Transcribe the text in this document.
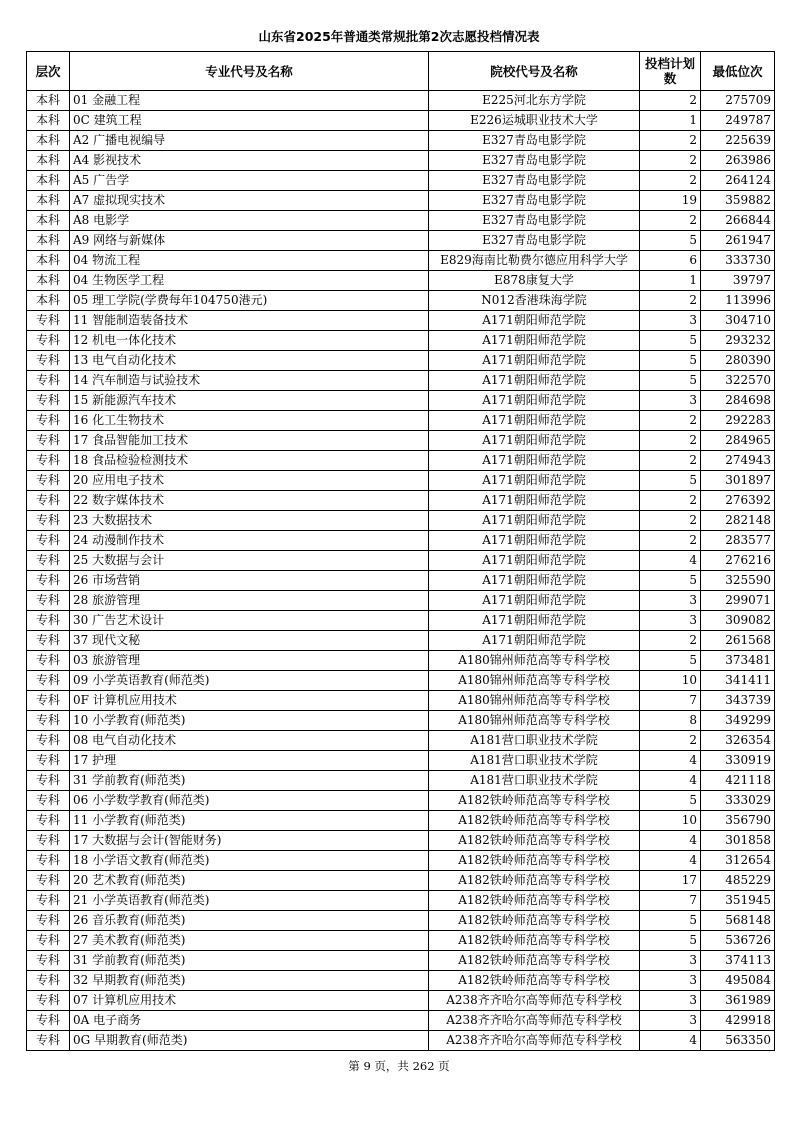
山东省2025年普通类常规批第2次志愿投档情况表
层次	专业代号及名称	院校代号及名称	投档计划数	最低位次
本科	01 金融工程	E225河北东方学院	2	275709
本科	0C 建筑工程	E226运城职业技术大学	1	249787
本科	A2 广播电视编导	E327青岛电影学院	2	225639
本科	A4 影视技术	E327青岛电影学院	2	263986
本科	A5 广告学	E327青岛电影学院	2	264124
本科	A7 虚拟现实技术	E327青岛电影学院	19	359882
本科	A8 电影学	E327青岛电影学院	2	266844
本科	A9 网络与新媒体	E327青岛电影学院	5	261947
本科	04 物流工程	E829海南比勒费尔德应用科学大学	6	333730
本科	04 生物医学工程	E878康复大学	1	39797
本科	05 理工学院(学费每年104750港元)	N012香港珠海学院	2	113996
专科	11 智能制造装备技术	A171朝阳师范学院	3	304710
专科	12 机电一体化技术	A171朝阳师范学院	5	293232
专科	13 电气自动化技术	A171朝阳师范学院	5	280390
专科	14 汽车制造与试验技术	A171朝阳师范学院	5	322570
专科	15 新能源汽车技术	A171朝阳师范学院	3	284698
专科	16 化工生物技术	A171朝阳师范学院	2	292283
专科	17 食品智能加工技术	A171朝阳师范学院	2	284965
专科	18 食品检验检测技术	A171朝阳师范学院	2	274943
专科	20 应用电子技术	A171朝阳师范学院	5	301897
专科	22 数字媒体技术	A171朝阳师范学院	2	276392
专科	23 大数据技术	A171朝阳师范学院	2	282148
专科	24 动漫制作技术	A171朝阳师范学院	2	283577
专科	25 大数据与会计	A171朝阳师范学院	4	276216
专科	26 市场营销	A171朝阳师范学院	5	325590
专科	28 旅游管理	A171朝阳师范学院	3	299071
专科	30 广告艺术设计	A171朝阳师范学院	3	309082
专科	37 现代文秘	A171朝阳师范学院	2	261568
专科	03 旅游管理	A180锦州师范高等专科学校	5	373481
专科	09 小学英语教育(师范类)	A180锦州师范高等专科学校	10	341411
专科	0F 计算机应用技术	A180锦州师范高等专科学校	7	343739
专科	10 小学教育(师范类)	A180锦州师范高等专科学校	8	349299
专科	08 电气自动化技术	A181营口职业技术学院	2	326354
专科	17 护理	A181营口职业技术学院	4	330919
专科	31 学前教育(师范类)	A181营口职业技术学院	4	421118
专科	06 小学数学教育(师范类)	A182铁岭师范高等专科学校	5	333029
专科	11 小学教育(师范类)	A182铁岭师范高等专科学校	10	356790
专科	17 大数据与会计(智能财务)	A182铁岭师范高等专科学校	4	301858
专科	18 小学语文教育(师范类)	A182铁岭师范高等专科学校	4	312654
专科	20 艺术教育(师范类)	A182铁岭师范高等专科学校	17	485229
专科	21 小学英语教育(师范类)	A182铁岭师范高等专科学校	7	351945
专科	26 音乐教育(师范类)	A182铁岭师范高等专科学校	5	568148
专科	27 美术教育(师范类)	A182铁岭师范高等专科学校	5	536726
专科	31 学前教育(师范类)	A182铁岭师范高等专科学校	3	374113
专科	32 早期教育(师范类)	A182铁岭师范高等专科学校	3	495084
专科	07 计算机应用技术	A238齐齐哈尔高等师范专科学校	3	361989
专科	0A 电子商务	A238齐齐哈尔高等师范专科学校	3	429918
专科	0G 早期教育(师范类)	A238齐齐哈尔高等师范专科学校	4	563350
第 9 页，共 262 页
